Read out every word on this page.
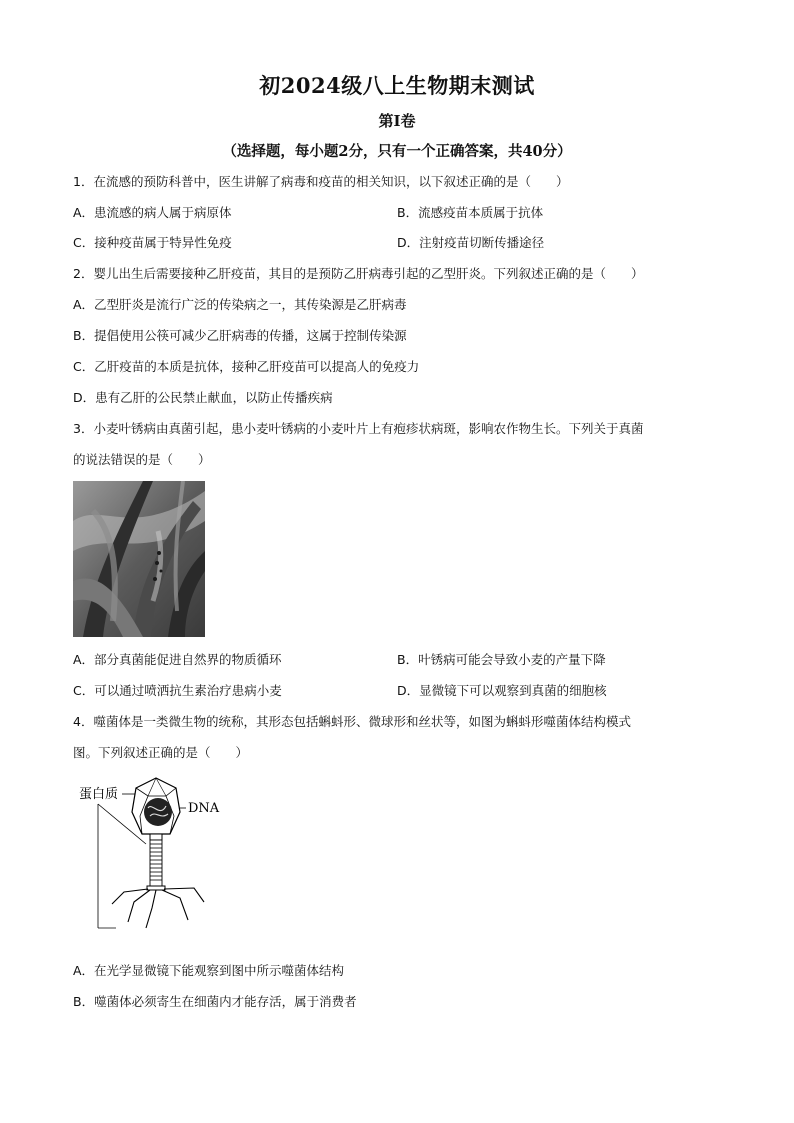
初2024级八上生物期末测试
第I卷
（选择题，每小题2分，只有一个正确答案，共40分）
1．在流感的预防科普中，医生讲解了病毒和疫苗的相关知识，以下叙述正确的是（　　）
A．患流感的病人属于病原体	B．流感疫苗本质属于抗体
C．接种疫苗属于特异性免疫	D．注射疫苗切断传播途径
2．婴儿出生后需要接种乙肝疫苗，其目的是预防乙肝病毒引起的乙型肝炎。下列叙述正确的是（　　）
A．乙型肝炎是流行广泛的传染病之一，其传染源是乙肝病毒
B．提倡使用公筷可减少乙肝病毒的传播，这属于控制传染源
C．乙肝疫苗的本质是抗体，接种乙肝疫苗可以提高人的免疫力
D．患有乙肝的公民禁止献血，以防止传播疾病
3．小麦叶锈病由真菌引起，患小麦叶锈病的小麦叶片上有疱疹状病斑，影响农作物生长。下列关于真菌
的说法错误的是（　　）
A．部分真菌能促进自然界的物质循环	B．叶锈病可能会导致小麦的产量下降
C．可以通过喷洒抗生素治疗患病小麦	D．显微镜下可以观察到真菌的细胞核
4．噬菌体是一类微生物的统称，其形态包括蝌蚪形、微球形和丝状等，如图为蝌蚪形噬菌体结构模式
图。下列叙述正确的是（　　）
蛋白质
DNA
A．在光学显微镜下能观察到图中所示噬菌体结构
B．噬菌体必须寄生在细菌内才能存活，属于消费者
